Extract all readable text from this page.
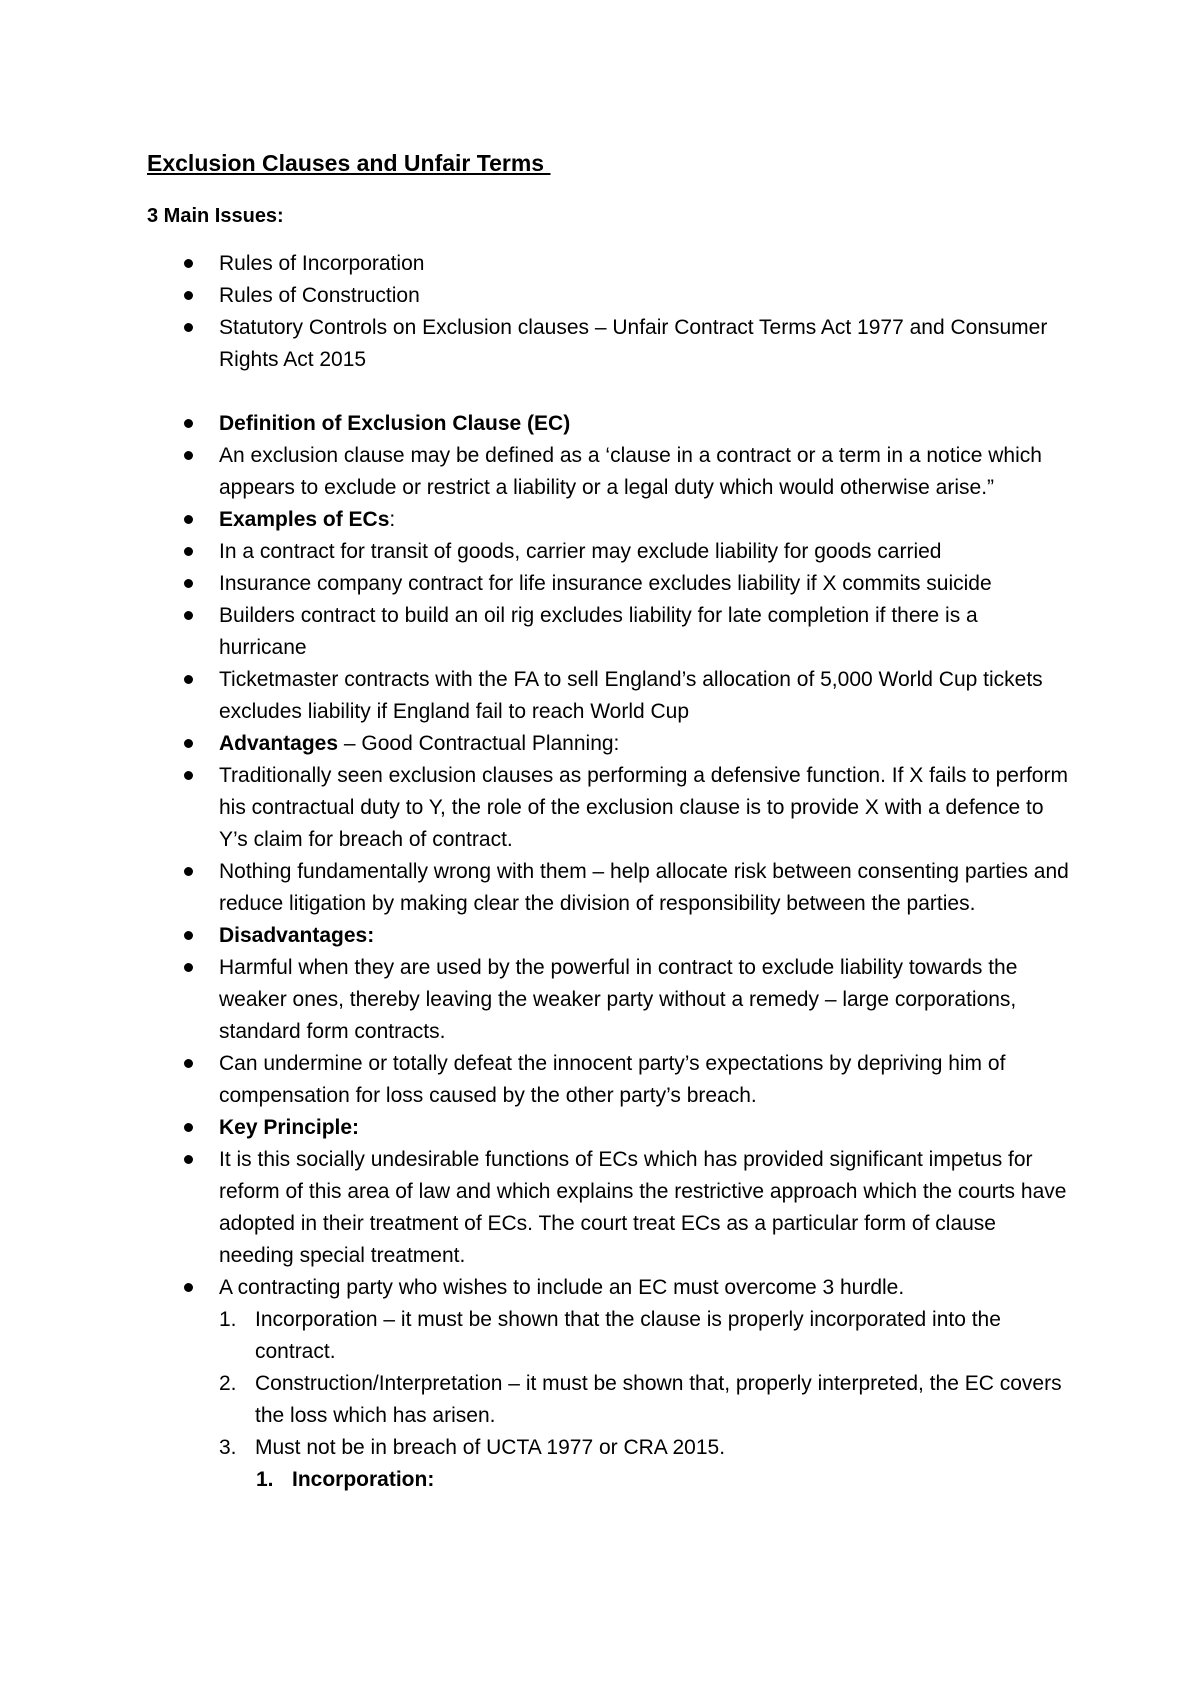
Exclusion Clauses and Unfair Terms
3 Main Issues:
Rules of Incorporation
Rules of Construction
Statutory Controls on Exclusion clauses – Unfair Contract Terms Act 1977 and Consumer Rights Act 2015
Definition of Exclusion Clause (EC)
An exclusion clause may be defined as a ‘clause in a contract or a term in a notice which appears to exclude or restrict a liability or a legal duty which would otherwise arise.”
Examples of ECs:
In a contract for transit of goods, carrier may exclude liability for goods carried
Insurance company contract for life insurance excludes liability if X commits suicide
Builders contract to build an oil rig excludes liability for late completion if there is a hurricane
Ticketmaster contracts with the FA to sell England’s allocation of 5,000 World Cup tickets excludes liability if England fail to reach World Cup
Advantages – Good Contractual Planning:
Traditionally seen exclusion clauses as performing a defensive function. If X fails to perform his contractual duty to Y, the role of the exclusion clause is to provide X with a defence to Y’s claim for breach of contract.
Nothing fundamentally wrong with them – help allocate risk between consenting parties and reduce litigation by making clear the division of responsibility between the parties.
Disadvantages:
Harmful when they are used by the powerful in contract to exclude liability towards the weaker ones, thereby leaving the weaker party without a remedy – large corporations, standard form contracts.
Can undermine or totally defeat the innocent party’s expectations by depriving him of compensation for loss caused by the other party’s breach.
Key Principle:
It is this socially undesirable functions of ECs which has provided significant impetus for reform of this area of law and which explains the restrictive approach which the courts have adopted in their treatment of ECs. The court treat ECs as a particular form of clause needing special treatment.
A contracting party who wishes to include an EC must overcome 3 hurdle.
1. Incorporation – it must be shown that the clause is properly incorporated into the contract.
2. Construction/Interpretation – it must be shown that, properly interpreted, the EC covers the loss which has arisen.
3. Must not be in breach of UCTA 1977 or CRA 2015.
1. Incorporation:
